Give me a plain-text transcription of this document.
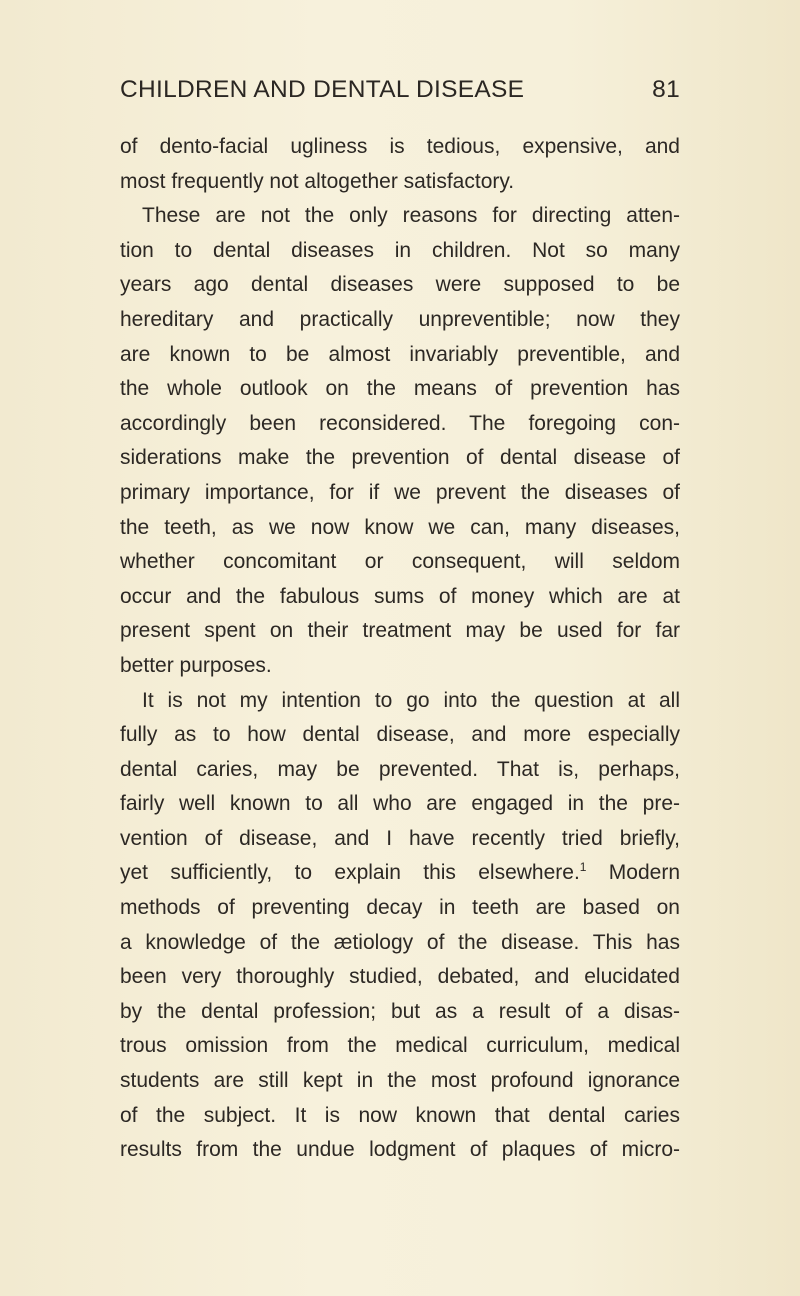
CHILDREN AND DENTAL DISEASE	81
of dento-facial ugliness is tedious, expensive, and
most frequently not altogether satisfactory.
These are not the only reasons for directing atten-
tion to dental diseases in children. Not so many
years ago dental diseases were supposed to be
hereditary and practically unpreventible; now they
are known to be almost invariably preventible, and
the whole outlook on the means of prevention has
accordingly been reconsidered. The foregoing con-
siderations make the prevention of dental disease of
primary importance, for if we prevent the diseases of
the teeth, as we now know we can, many diseases,
whether concomitant or consequent, will seldom
occur and the fabulous sums of money which are at
present spent on their treatment may be used for far
better purposes.
It is not my intention to go into the question at all
fully as to how dental disease, and more especially
dental caries, may be prevented. That is, perhaps,
fairly well known to all who are engaged in the pre-
vention of disease, and I have recently tried briefly,
yet sufficiently, to explain this elsewhere.$^1$ Modern
methods of preventing decay in teeth are based on
a knowledge of the ætiology of the disease. This has
been very thoroughly studied, debated, and elucidated
by the dental profession; but as a result of a disas-
trous omission from the medical curriculum, medical
students are still kept in the most profound ignorance
of the subject. It is now known that dental caries
results from the undue lodgment of plaques of micro-
